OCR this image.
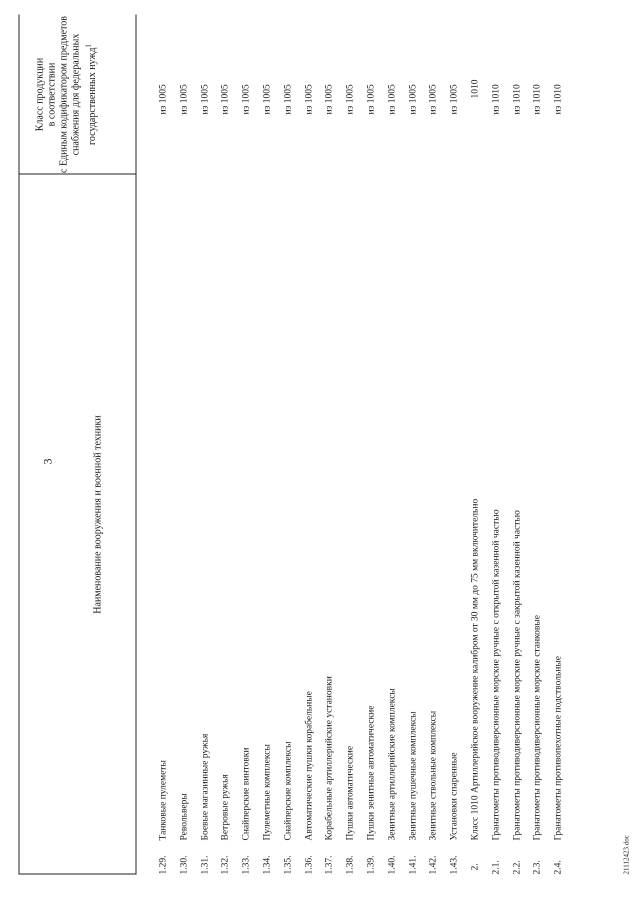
3
Класс продукции в соответствии с Единым кодификатором предметов снабжения для федеральных государственных нужд$^1$
Наименование вооружения и военной техники
1.29.
Танковые пулеметы
из 1005
1.30.
Револьверы
из 1005
1.31.
Боевые магазинные ружья
из 1005
1.32.
Ветровые ружья
из 1005
1.33.
Снайперские винтовки
из 1005
1.34.
Пулеметные комплексы
из 1005
1.35.
Снайперские комплексы
из 1005
1.36.
Автоматические пушки корабельные
из 1005
1.37.
Корабельные артиллерийские установки
из 1005
1.38.
Пушки автоматические
из 1005
1.39.
Пушки зенитные автоматические
из 1005
1.40.
Зенитные артиллерийские комплексы
из 1005
1.41.
Зенитные пушечные комплексы
из 1005
1.42.
Зенитные ствольные комплексы
из 1005
1.43.
Установки спаренные
из 1005
2.
Класс 1010 Артиллерийское вооружение калибром от 30 мм до 75 мм включительно
1010
2.1.
Гранатометы противодиверсионные морские ручные с открытой казенной частью
из 1010
2.2.
Гранатометы противодиверсионные морские ручные с закрытой казенной частью
из 1010
2.3.
Гранатометы противодиверсионные морские станковые
из 1010
2.4.
Гранатометы противопехотные подствольные
из 1010
21112423.doc
